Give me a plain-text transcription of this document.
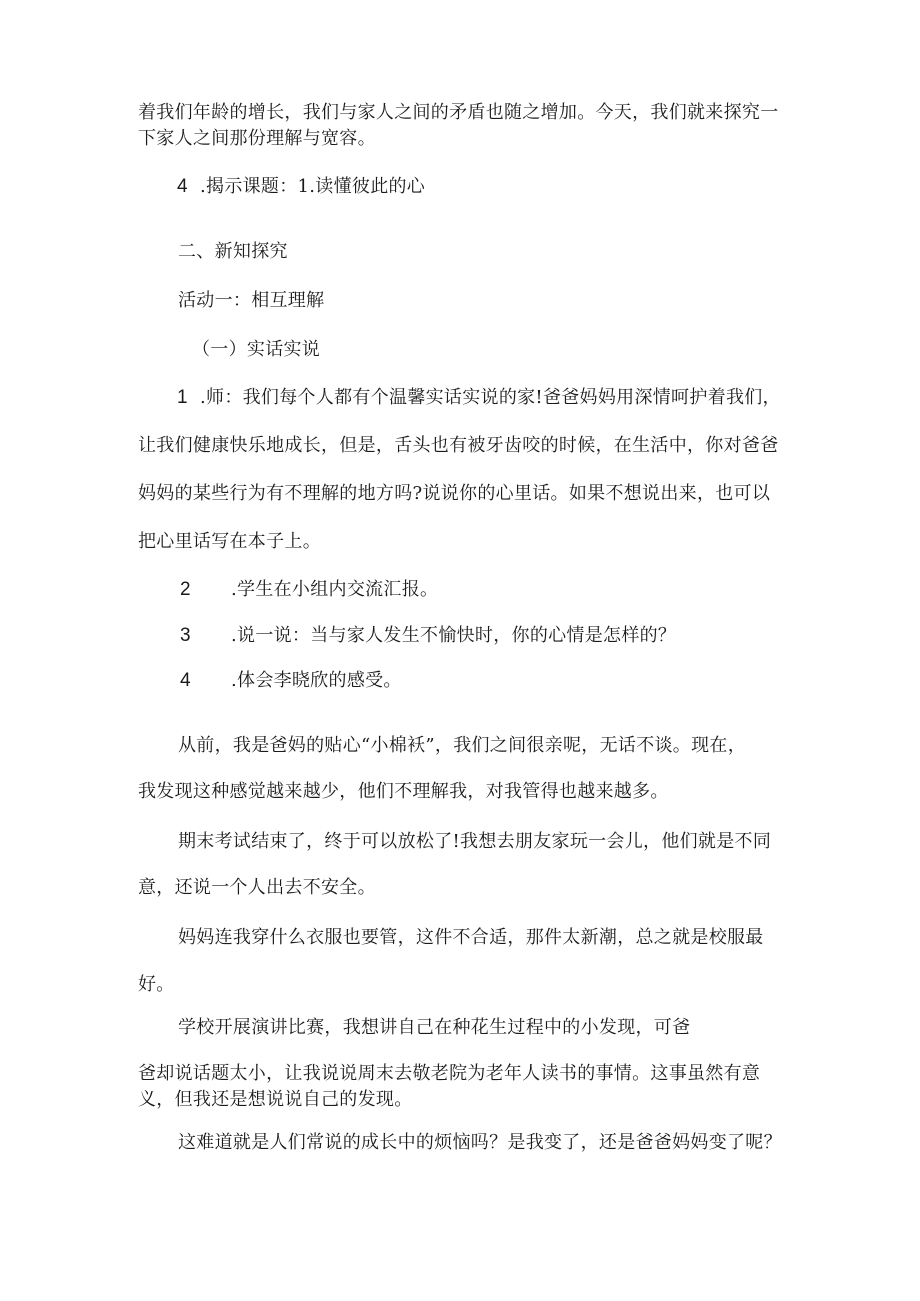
着我们年龄的增长，我们与家人之间的矛盾也随之增加。今天，我们就来探究一
下家人之间那份理解与宽容。
4 .揭示课题：1.读懂彼此的心
二、新知探究
活动一：相互理解
（一）实话实说
1 .师：我们每个人都有个温馨实话实说的家!爸爸妈妈用深情呵护着我们，
让我们健康快乐地成长，但是，舌头也有被牙齿咬的时候，在生活中，你对爸爸
妈妈的某些行为有不理解的地方吗?说说你的心里话。如果不想说出来，也可以
把心里话写在本子上。
2 .学生在小组内交流汇报。
3 .说一说：当与家人发生不愉快时，你的心情是怎样的？
4 .体会李晓欣的感受。
从前，我是爸妈的贴心“小棉袄”，我们之间很亲呢，无话不谈。现在，
我发现这种感觉越来越少，他们不理解我，对我管得也越来越多。
期末考试结束了，终于可以放松了!我想去朋友家玩一会儿，他们就是不同
意，还说一个人出去不安全。
妈妈连我穿什么衣服也要管，这件不合适，那件太新潮，总之就是校服最
好。
学校开展演讲比赛，我想讲自己在种花生过程中的小发现，可爸
爸却说话题太小，让我说说周末去敬老院为老年人读书的事情。这事虽然有意
义，但我还是想说说自己的发现。
这难道就是人们常说的成长中的烦恼吗？是我变了，还是爸爸妈妈变了呢？
